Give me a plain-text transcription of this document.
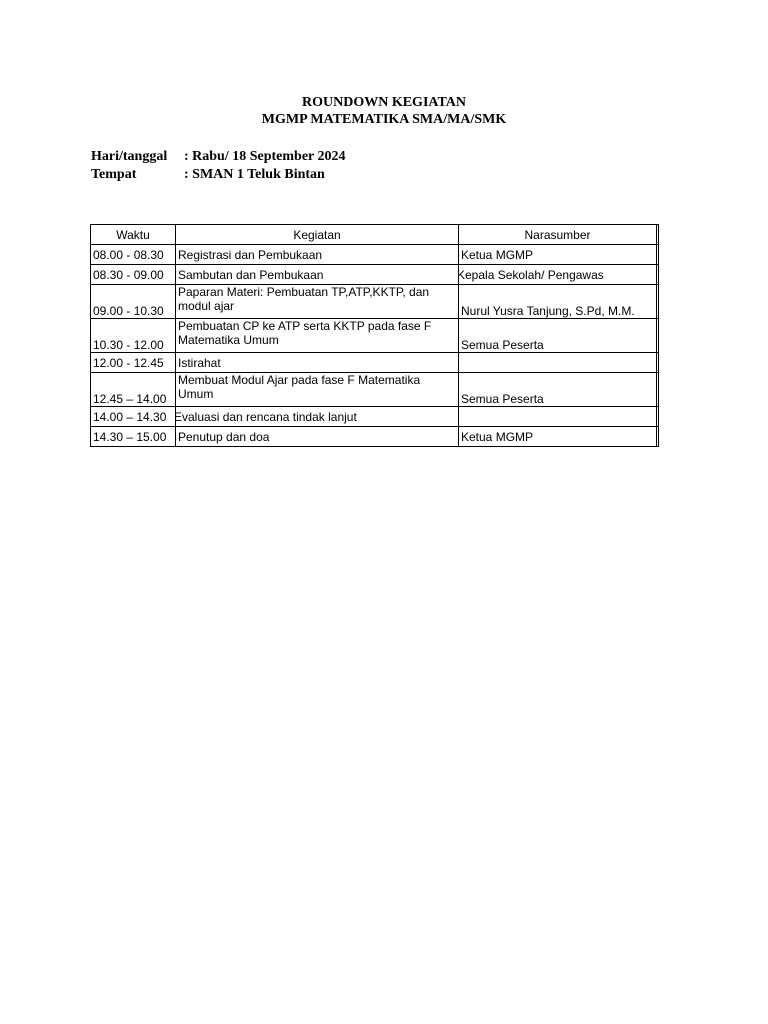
ROUNDOWN KEGIATAN
MGMP MATEMATIKA SMA/MA/SMK
Hari/tanggal : Rabu/ 18 September 2024
Tempat	: SMAN 1 Teluk Bintan
Waktu	Kegiatan	Narasumber	
08.00 - 08.30	Registrasi dan Pembukaan	Ketua MGMP	
08.30 - 09.00	Sambutan dan Pembukaan	Kepala Sekolah/ Pengawas	
09.00 - 10.30	Paparan Materi: Pembuatan TP,ATP,KKTP, dan modul ajar	Nurul Yusra Tanjung, S.Pd, M.M.	
10.30 - 12.00	Pembuatan CP ke ATP serta KKTP pada fase F Matematika Umum	Semua Peserta	
12.00 - 12.45	Istirahat		
12.45 – 14.00	Membuat Modul Ajar pada fase F Matematika Umum	Semua Peserta	
14.00 – 14.30	Evaluasi dan rencana tindak lanjut		
14.30 – 15.00	Penutup dan doa	Ketua MGMP	
